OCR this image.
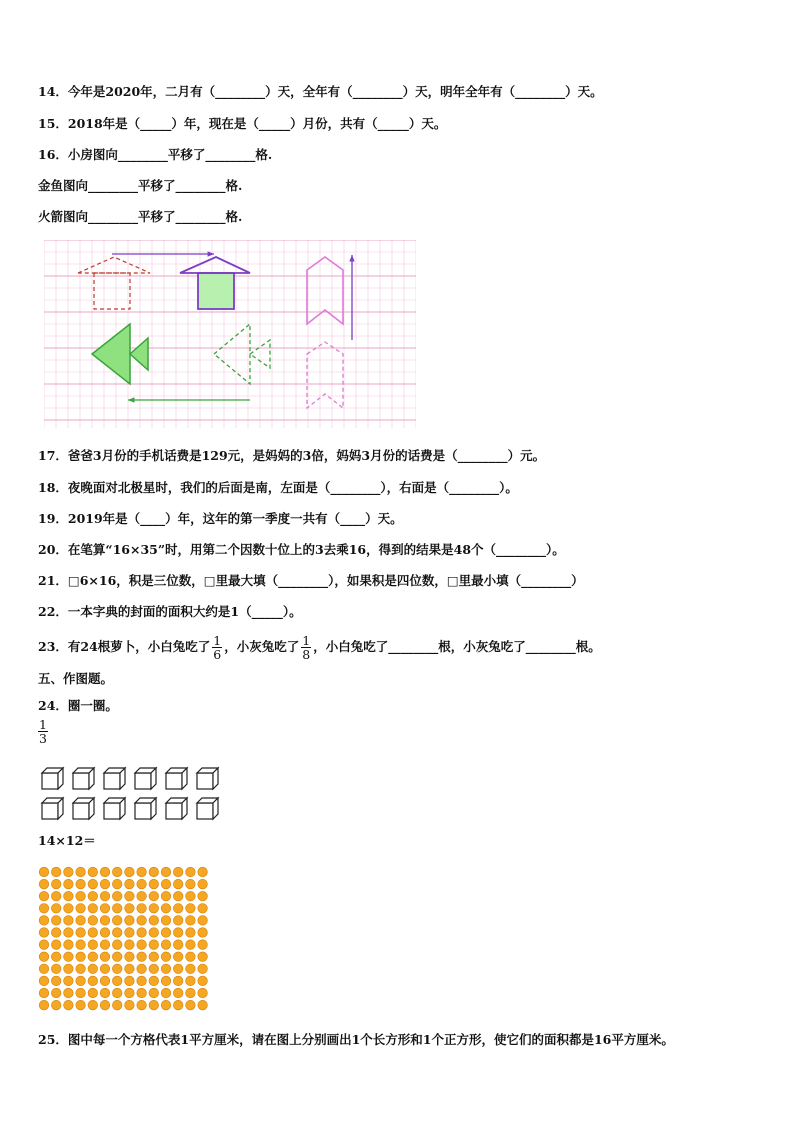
14．今年是2020年，二月有（________）天，全年有（________）天，明年全年有（________）天。
15．2018年是（_____）年，现在是（_____）月份，共有（_____）天。
16．小房图向________平移了________格.
金鱼图向________平移了________格.
火箭图向________平移了________格.
17．爸爸3月份的手机话费是129元，是妈妈的3倍，妈妈3月份的话费是（________）元。
18．夜晚面对北极星时，我们的后面是南，左面是（________），右面是（________）。
19．2019年是（____）年，这年的第一季度一共有（____）天。
20．在笔算“16×35”时，用第二个因数十位上的3去乘16，得到的结果是48个（________）。
21．□6×16，积是三位数，□里最大填（________），如果积是四位数，□里最小填（________）
22．一本字典的封面的面积大约是1（_____）。
23．有24根萝卜，小白兔吃了 $\frac{1}{6}$ ，小灰兔吃了 $\frac{1}{8}$ ，小白兔吃了________根，小灰兔吃了________根。
五、作图题。
24．圈一圈。
$\frac{1}{3}$
14×12＝
25．图中每一个方格代表1平方厘米，请在图上分别画出1个长方形和1个正方形，使它们的面积都是16平方厘米。
